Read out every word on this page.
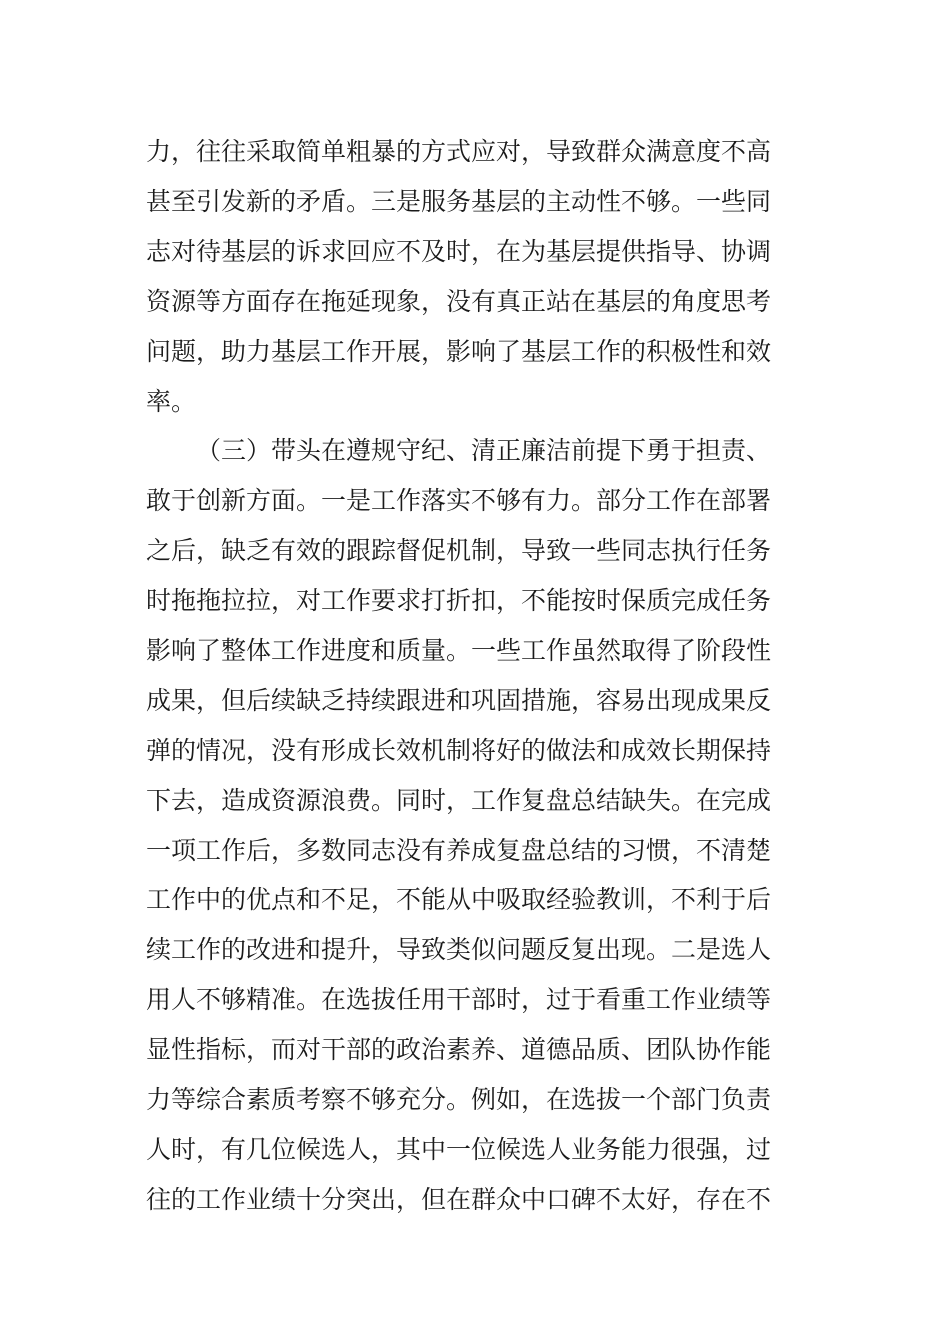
力，往往采取简单粗暴的方式应对，导致群众满意度不高
甚至引发新的矛盾。三是服务基层的主动性不够。一些同
志对待基层的诉求回应不及时，在为基层提供指导、协调
资源等方面存在拖延现象，没有真正站在基层的角度思考
问题，助力基层工作开展，影响了基层工作的积极性和效
率。
（三）带头在遵规守纪、清正廉洁前提下勇于担责、
敢于创新方面。一是工作落实不够有力。部分工作在部署
之后，缺乏有效的跟踪督促机制，导致一些同志执行任务
时拖拖拉拉，对工作要求打折扣，不能按时保质完成任务
影响了整体工作进度和质量。一些工作虽然取得了阶段性
成果，但后续缺乏持续跟进和巩固措施，容易出现成果反
弹的情况，没有形成长效机制将好的做法和成效长期保持
下去，造成资源浪费。同时，工作复盘总结缺失。在完成
一项工作后，多数同志没有养成复盘总结的习惯，不清楚
工作中的优点和不足，不能从中吸取经验教训，不利于后
续工作的改进和提升，导致类似问题反复出现。二是选人
用人不够精准。在选拔任用干部时，过于看重工作业绩等
显性指标，而对干部的政治素养、道德品质、团队协作能
力等综合素质考察不够充分。例如，在选拔一个部门负责
人时，有几位候选人，其中一位候选人业务能力很强，过
往的工作业绩十分突出，但在群众中口碑不太好，存在不
